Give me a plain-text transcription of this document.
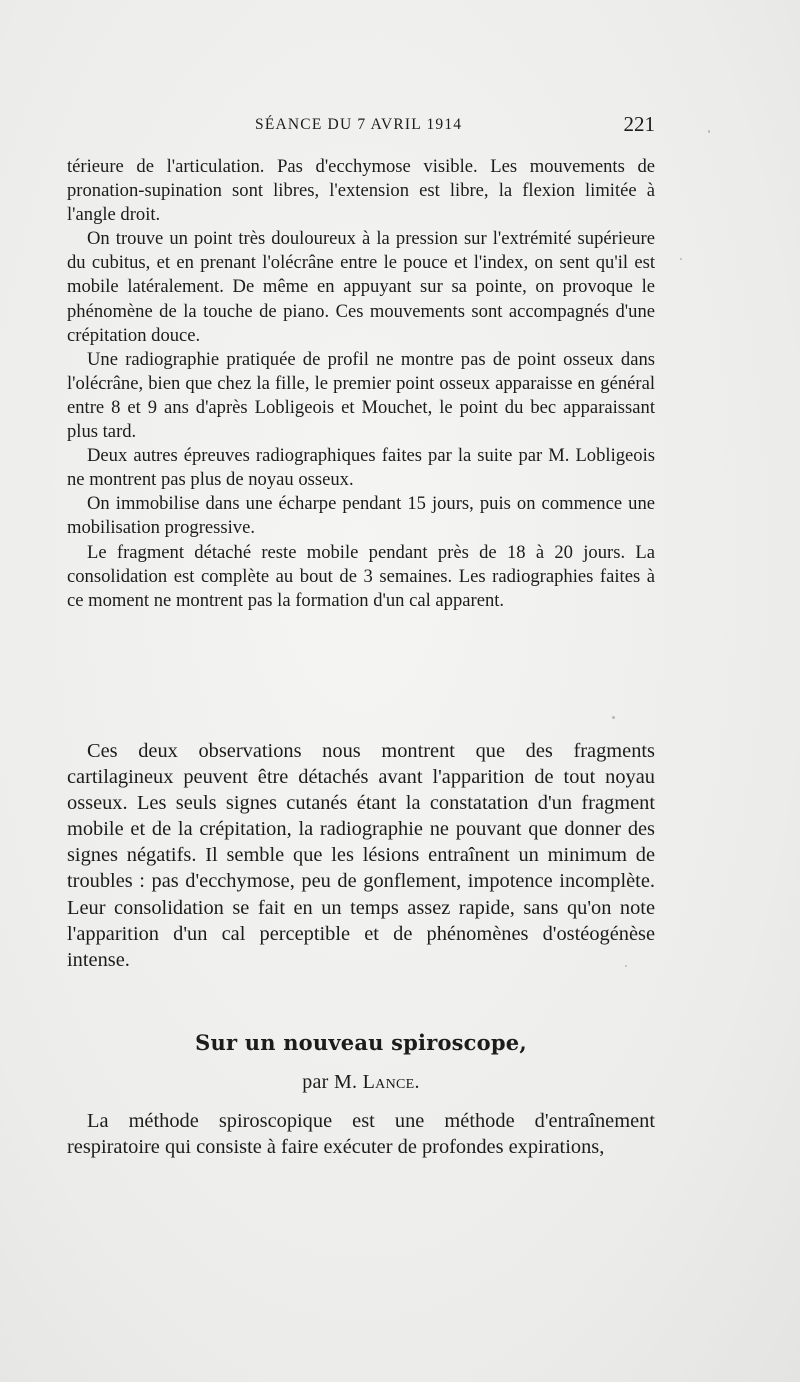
SÉANCE DU 7 AVRIL 1914	221

térieure de l'articulation. Pas d'ecchymose visible. Les mouvements de pronation-supination sont libres, l'extension est libre, la flexion limitée à l'angle droit.

On trouve un point très douloureux à la pression sur l'extrémité supérieure du cubitus, et en prenant l'olécrâne entre le pouce et l'index, on sent qu'il est mobile latéralement. De même en appuyant sur sa pointe, on provoque le phénomène de la touche de piano. Ces mouvements sont accompagnés d'une crépitation douce.

Une radiographie pratiquée de profil ne montre pas de point osseux dans l'olécrâne, bien que chez la fille, le premier point osseux apparaisse en général entre 8 et 9 ans d'après Lobligeois et Mouchet, le point du bec apparaissant plus tard.

Deux autres épreuves radiographiques faites par la suite par M. Lobligeois ne montrent pas plus de noyau osseux.

On immobilise dans une écharpe pendant 15 jours, puis on commence une mobilisation progressive.

Le fragment détaché reste mobile pendant près de 18 à 20 jours. La consolidation est complète au bout de 3 semaines. Les radiographies faites à ce moment ne montrent pas la formation d'un cal apparent.

Ces deux observations nous montrent que des fragments cartilagineux peuvent être détachés avant l'apparition de tout noyau osseux. Les seuls signes cutanés étant la constatation d'un fragment mobile et de la crépitation, la radiographie ne pouvant que donner des signes négatifs. Il semble que les lésions entraînent un minimum de troubles : pas d'ecchymose, peu de gonflement, impotence incomplète. Leur consolidation se fait en un temps assez rapide, sans qu'on note l'apparition d'un cal perceptible et de phénomènes d'ostéogénèse intense.

Sur un nouveau spiroscope,
par M. Lance.

La méthode spiroscopique est une méthode d'entraînement respiratoire qui consiste à faire exécuter de profondes expirations,
